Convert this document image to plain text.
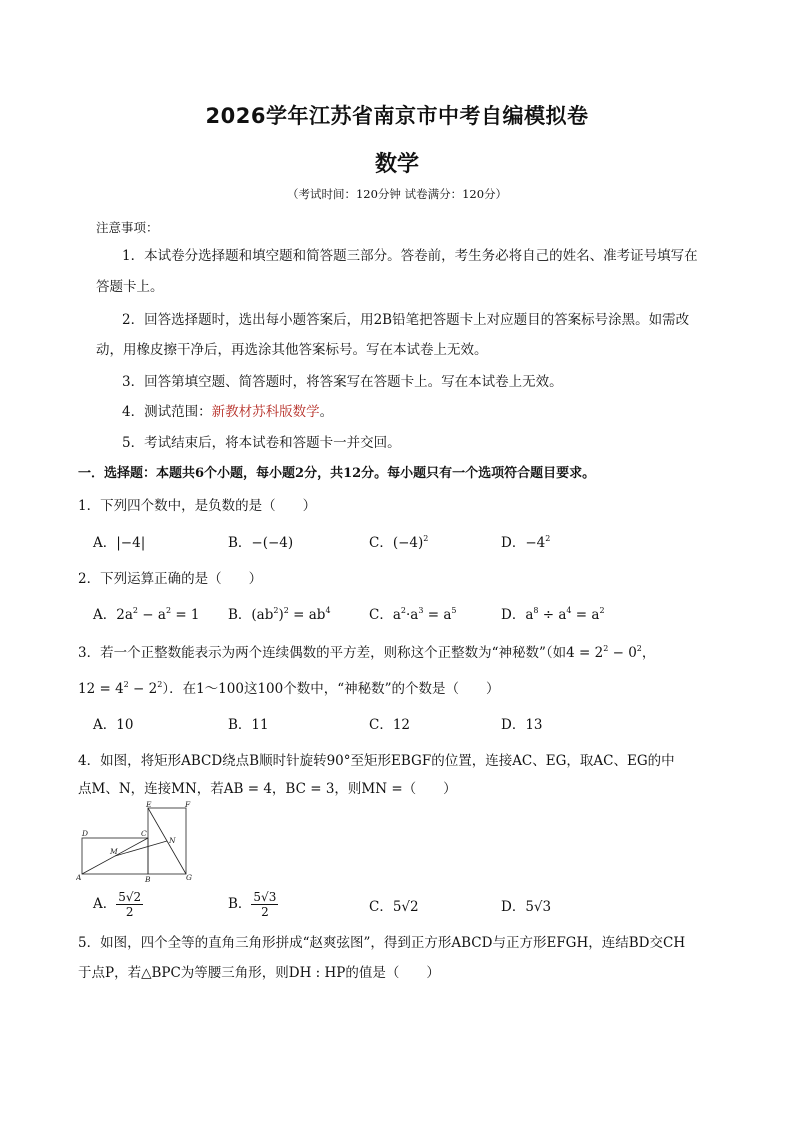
2026学年江苏省南京市中考自编模拟卷
数学
（考试时间：120分钟 试卷满分：120分）
注意事项：
1．本试卷分选择题和填空题和简答题三部分。答卷前，考生务必将自己的姓名、准考证号填写在
答题卡上。
2．回答选择题时，选出每小题答案后，用2B铅笔把答题卡上对应题目的答案标号涂黑。如需改
动，用橡皮擦干净后，再选涂其他答案标号。写在本试卷上无效。
3．回答第填空题、简答题时，将答案写在答题卡上。写在本试卷上无效。
4．测试范围：新教材苏科版数学。
5．考试结束后，将本试卷和答题卡一并交回。
一．选择题：本题共6个小题，每小题2分，共12分。每小题只有一个选项符合题目要求。
1．下列四个数中，是负数的是（　　）
A．|−4|	B．−(−4)	C．$(-4)^2$	D．$-4^2$
2．下列运算正确的是（　　）
A．$2a^2 - a^2 = 1$ B．$(ab^2)^2 = ab^4$	C．$a^2\cdot a^3 = a^5$	D．$a^8 \div a^4 = a^2$
3．若一个正整数能表示为两个连续偶数的平方差，则称这个正整数为“神秘数”（如$4 = 2^2 - 0^2$，
$12 = 4^2 - 2^2$）．在1～100这100个数中，“神秘数”的个数是（　　）
A．10	B．11	C．12	D．13
4．如图，将矩形ABCD绕点B顺时针旋转90°至矩形EBGF的位置，连接AC、EG，取AC、EG的中
点M、N，连接MN，若AB = 4，BC = 3，则MN =（　　）
D	C
E	F
M
N
A	B	G
A． $\frac{5√2}{2}$	B． $\frac{5√3}{2}$	C．5√2	D．5√3
5．如图，四个全等的直角三角形拼成“赵爽弦图”，得到正方形ABCD与正方形EFGH，连结BD交CH
于点P，若△BPC为等腰三角形，则DH : HP的值是（　　）
